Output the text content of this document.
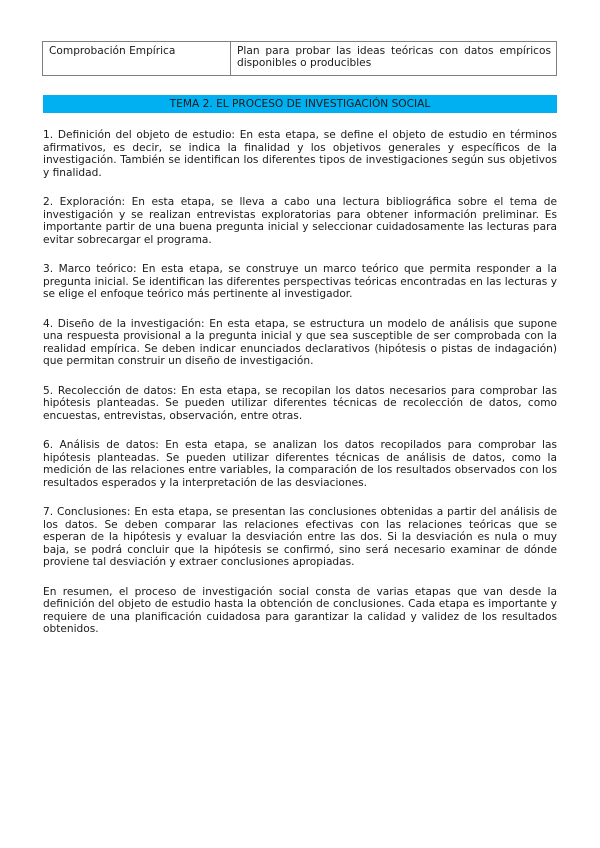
Comprobación Empírica	Plan para probar las ideas teóricas con datos empíricos disponibles o producibles
TEMA 2. EL PROCESO DE INVESTIGACIÓN SOCIAL

1. Definición del objeto de estudio: En esta etapa, se define el objeto de estudio en términos afirmativos, es decir, se indica la finalidad y los objetivos generales y específicos de la investigación. También se identifican los diferentes tipos de investigaciones según sus objetivos y finalidad.

2. Exploración: En esta etapa, se lleva a cabo una lectura bibliográfica sobre el tema de investigación y se realizan entrevistas exploratorias para obtener información preliminar. Es importante partir de una buena pregunta inicial y seleccionar cuidadosamente las lecturas para evitar sobrecargar el programa.

3. Marco teórico: En esta etapa, se construye un marco teórico que permita responder a la pregunta inicial. Se identifican las diferentes perspectivas teóricas encontradas en las lecturas y se elige el enfoque teórico más pertinente al investigador.

4. Diseño de la investigación: En esta etapa, se estructura un modelo de análisis que supone una respuesta provisional a la pregunta inicial y que sea susceptible de ser comprobada con la realidad empírica. Se deben indicar enunciados declarativos (hipótesis o pistas de indagación) que permitan construir un diseño de investigación.

5. Recolección de datos: En esta etapa, se recopilan los datos necesarios para comprobar las hipótesis planteadas. Se pueden utilizar diferentes técnicas de recolección de datos, como encuestas, entrevistas, observación, entre otras.

6. Análisis de datos: En esta etapa, se analizan los datos recopilados para comprobar las hipótesis planteadas. Se pueden utilizar diferentes técnicas de análisis de datos, como la medición de las relaciones entre variables, la comparación de los resultados observados con los resultados esperados y la interpretación de las desviaciones.

7. Conclusiones: En esta etapa, se presentan las conclusiones obtenidas a partir del análisis de los datos. Se deben comparar las relaciones efectivas con las relaciones teóricas que se esperan de la hipótesis y evaluar la desviación entre las dos. Si la desviación es nula o muy baja, se podrá concluir que la hipótesis se confirmó, sino será necesario examinar de dónde proviene tal desviación y extraer conclusiones apropiadas.

En resumen, el proceso de investigación social consta de varias etapas que van desde la definición del objeto de estudio hasta la obtención de conclusiones. Cada etapa es importante y requiere de una planificación cuidadosa para garantizar la calidad y validez de los resultados obtenidos.
